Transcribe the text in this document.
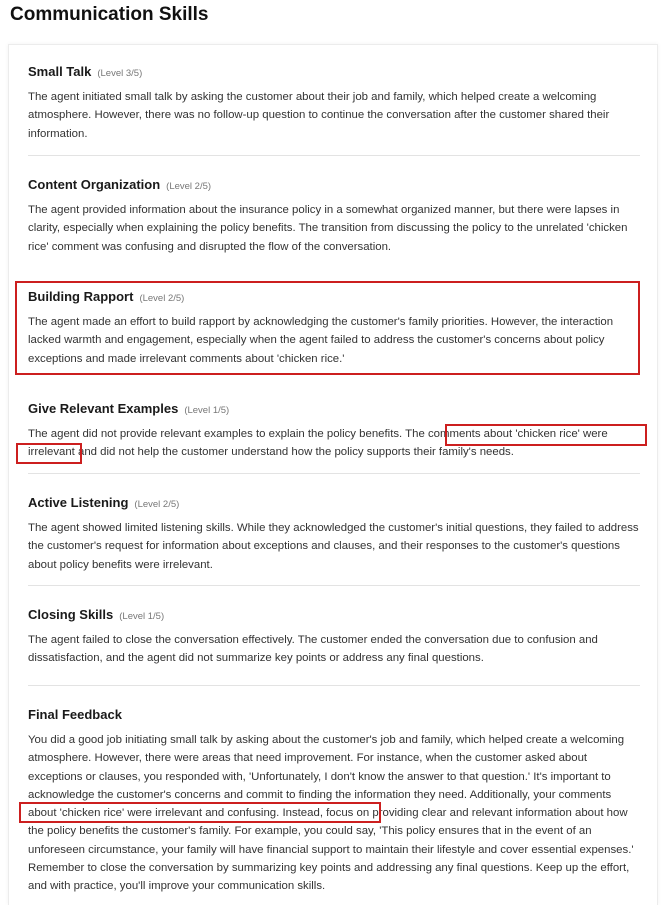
Communication Skills
Small Talk (Level 3/5)
The agent initiated small talk by asking the customer about their job and family, which helped create a welcoming atmosphere. However, there was no follow-up question to continue the conversation after the customer shared their information.
Content Organization (Level 2/5)
The agent provided information about the insurance policy in a somewhat organized manner, but there were lapses in clarity, especially when explaining the policy benefits. The transition from discussing the policy to the unrelated 'chicken rice' comment was confusing and disrupted the flow of the conversation.
Building Rapport (Level 2/5)
The agent made an effort to build rapport by acknowledging the customer's family priorities. However, the interaction lacked warmth and engagement, especially when the agent failed to address the customer's concerns about policy exceptions and made irrelevant comments about 'chicken rice.'
Give Relevant Examples (Level 1/5)
The agent did not provide relevant examples to explain the policy benefits. The comments about 'chicken rice' were irrelevant and did not help the customer understand how the policy supports their family's needs.
Active Listening (Level 2/5)
The agent showed limited listening skills. While they acknowledged the customer's initial questions, they failed to address the customer's request for information about exceptions and clauses, and their responses to the customer's questions about policy benefits were irrelevant.
Closing Skills (Level 1/5)
The agent failed to close the conversation effectively. The customer ended the conversation due to confusion and dissatisfaction, and the agent did not summarize key points or address any final questions.
Final Feedback
You did a good job initiating small talk by asking about the customer's job and family, which helped create a welcoming atmosphere. However, there were areas that need improvement. For instance, when the customer asked about exceptions or clauses, you responded with, 'Unfortunately, I don't know the answer to that question.' It's important to acknowledge the customer's concerns and commit to finding the information they need. Additionally, your comments about 'chicken rice' were irrelevant and confusing. Instead, focus on providing clear and relevant information about how the policy benefits the customer's family. For example, you could say, 'This policy ensures that in the event of an unforeseen circumstance, your family will have financial support to maintain their lifestyle and cover essential expenses.' Remember to close the conversation by summarizing key points and addressing any final questions. Keep up the effort, and with practice, you'll improve your communication skills.
